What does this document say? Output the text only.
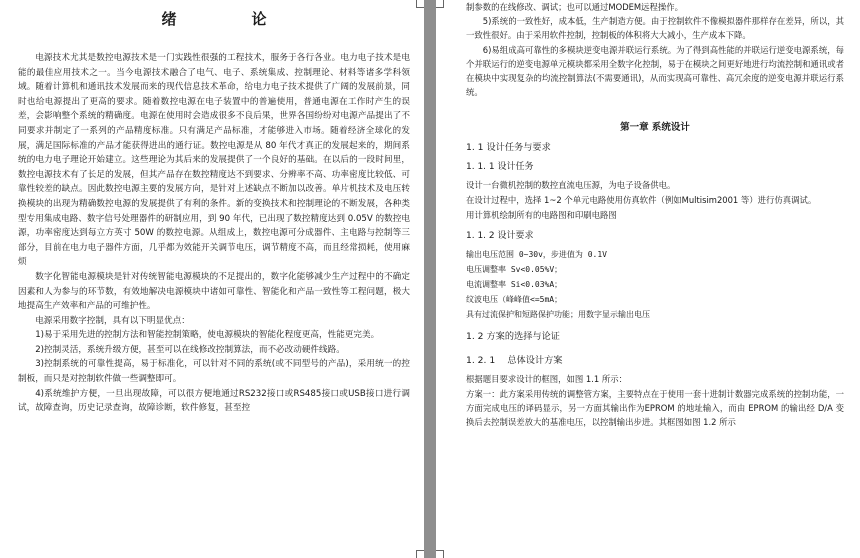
绪　论

电源技术尤其是数控电源技术是一门实践性很强的工程技术，服务于各行各业。电力电子技术是电能的最佳应用技术之一。当今电源技术融合了电气、电子、系统集成、控制理论、材料等诸多学科领域。随着计算机和通讯技术发展而来的现代信息技术革命，给电力电子技术提供了广阔的发展前景，同时也给电源提出了更高的要求。随着数控电源在电子装置中的普遍使用，普通电源在工作时产生的误差，会影响整个系统的精确度。电源在使用时会造成很多不良后果，世界各国纷纷对电源产品提出了不同要求并制定了一系列的产品精度标准。只有满足产品标准，才能够进入市场。随着经济全球化的发展，满足国际标准的产品才能获得进出的通行证。数控电源是从 80 年代才真正的发展起来的，期间系统的电力电子理论开始建立。这些理论为其后来的发展提供了一个良好的基础。在以后的一段时间里，数控电源技术有了长足的发展，但其产品存在数控精度达不到要求、分辨率不高、功率密度比较低、可靠性较差的缺点。因此数控电源主要的发展方向，是针对上述缺点不断加以改善。单片机技术及电压转换模块的出现为精确数控电源的发展提供了有利的条件。新的变换技术和控制理论的不断发展，各种类型专用集成电路、数字信号处理器件的研制应用，到 90 年代，已出现了数控精度达到 0.05V 的数控电源，功率密度达到每立方英寸 50W 的数控电源。从组成上，数控电源可分成器件、主电路与控制等三部分，目前在电力电子器件方面，几乎都为效能开关调节电压，调节精度不高，而且经常损耗，使用麻烦

数字化智能电源模块是针对传统智能电源模块的不足提出的，数字化能够减少生产过程中的不确定因素和人为参与的环节数，有效地解决电源模块中诸如可靠性、智能化和产品一致性等工程问题，极大地提高生产效率和产品的可维护性。

电源采用数字控制，具有以下明显优点：

1)易于采用先进的控制方法和智能控制策略，使电源模块的智能化程度更高，性能更完美。

2)控制灵活，系统升级方便，甚至可以在线修改控制算法，而不必改动硬件线路。

3)控制系统的可靠性提高，易于标准化，可以针对不同的系统(或不同型号的产品)，采用统一的控制板，而只是对控制软件做一些调整即可。

4)系统维护方便，一旦出现故障，可以很方便地通过RS232接口或RS485接口或USB接口进行调试，故障查询，历史记录查询，故障诊断，软件修复，甚至控

制参数的在线修改、调试；也可以通过MODEM远程操作。

5)系统的一致性好，成本低，生产制造方便。由于控制软件不像模拟器件那样存在差异，所以，其一致性很好。由于采用软件控制，控制板的体积将大大减小，生产成本下降。

6)易组成高可靠性的多模块逆变电源并联运行系统。为了得到高性能的并联运行逆变电源系统，每个并联运行的逆变电源单元模块都采用全数字化控制，易于在模块之间更好地进行均流控制和通讯或者在模块中实现复杂的均流控制算法(不需要通讯)，从而实现高可靠性、高冗余度的逆变电源并联运行系统。

第一章 系统设计
1. 1 设计任务与要求
1. 1. 1 设计任务

设计一台微机控制的数控直流电压源，为电子设备供电。

在设计过程中，选择 1~2 个单元电路使用仿真软件（例如Multisim2001 等）进行仿真调试。

用计算机绘制所有的电路图和印刷电路图

1. 1. 2 设计要求

输出电压范围 0~30v，步进值为 0.1V

电压调整率 Sv<0.05%V；

电流调整率 Si<0.03%A；

纹波电压（峰峰值<=5mA；

具有过流保护和短路保护功能；用数字显示输出电压

1. 2 方案的选择与论证
1. 2. 1　 总体设计方案

根据题目要求设计的框图，如图 1.1 所示：

方案一：此方案采用传统的调整管方案，主要特点在于使用一套十进制计数器完成系统的控制功能，一方面完成电压的译码显示，另一方面其输出作为EPROM 的地址输入，而由 EPROM 的输出经 D/A 变换后去控制误差放大的基准电压，以控制输出步进。其框图如图 1.2 所示
